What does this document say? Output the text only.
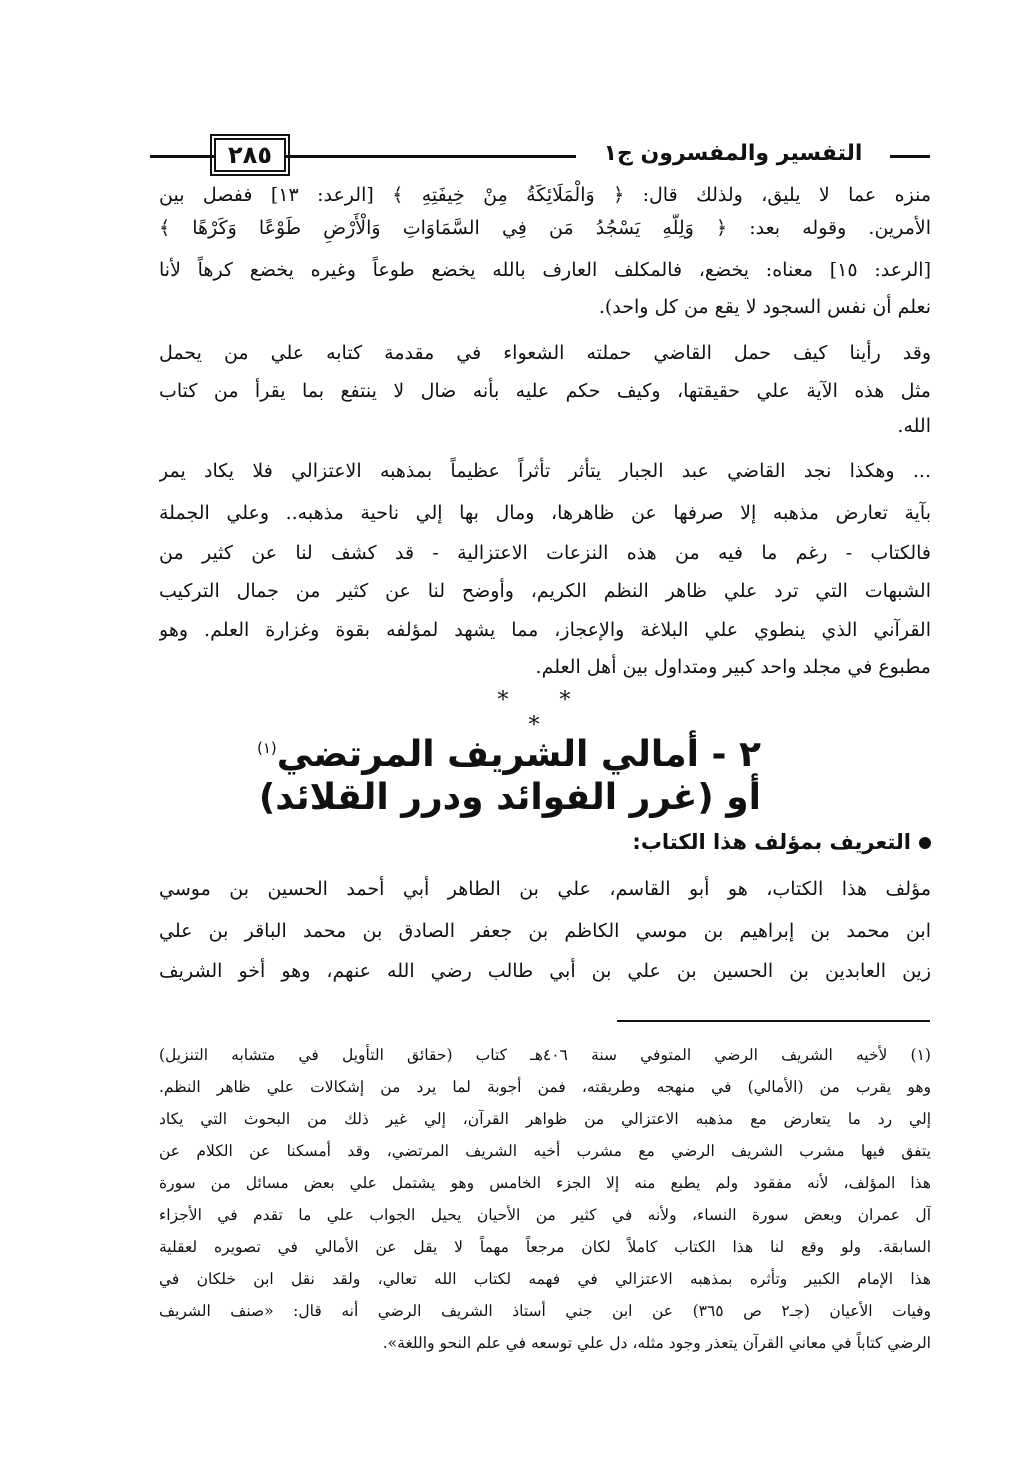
٢٨٥	التفسير والمفسرون ج١
منزه عما لا يليق، ولذلك قال: ﴿ وَالْمَلَائِكَةُ مِنْ خِيفَتِهِ ﴾ [الرعد: ١٣] ففصل بين
الأمرين. وقوله بعد: ﴿ وَلِلَّهِ يَسْجُدُ مَن فِي السَّمَاوَاتِ وَالْأَرْضِ طَوْعًا وَكَرْهًا ﴾
[الرعد: ١٥] معناه: يخضع، فالمكلف العارف بالله يخضع طوعاً وغيره يخضع كرهاً لأنا
نعلم أن نفس السجود لا يقع من كل واحد).
وقد رأينا كيف حمل القاضي حملته الشعواء في مقدمة كتابه علي من يحمل
مثل هذه الآية علي حقيقتها، وكيف حكم عليه بأنه ضال لا ينتفع بما يقرأ من كتاب
الله.
... وهكذا نجد القاضي عبد الجبار يتأثر تأثراً عظيماً بمذهبه الاعتزالي فلا يكاد يمر
بآية تعارض مذهبه إلا صرفها عن ظاهرها، ومال بها إلي ناحية مذهبه.. وعلي الجملة
فالكتاب - رغم ما فيه من هذه النزعات الاعتزالية - قد كشف لنا عن كثير من
الشبهات التي ترد علي ظاهر النظم الكريم، وأوضح لنا عن كثير من جمال التركيب
القرآني الذي ينطوي علي البلاغة والإعجاز، مما يشهد لمؤلفه بقوة وغزارة العلم. وهو
مطبوع في مجلد واحد كبير ومتداول بين أهل العلم.
* * *
٢ - أمالي الشريف المرتضي$^{(١)}$
أو (غرر الفوائد ودرر القلائد)
التعريف بمؤلف هذا الكتاب:
مؤلف هذا الكتاب، هو أبو القاسم، علي بن الطاهر أبي أحمد الحسين بن موسي
ابن محمد بن إبراهيم بن موسي الكاظم بن جعفر الصادق بن محمد الباقر بن علي
زين العابدين بن الحسين بن علي بن أبي طالب رضي الله عنهم، وهو أخو الشريف
(١) لأخيه الشريف الرضي المتوفي سنة ٤٠٦هـ كتاب (حقائق التأويل في متشابه التنزيل)
وهو يقرب من (الأمالي) في منهجه وطريقته، فمن أجوبة لما يرد من إشكالات علي ظاهر النظم.
إلي رد ما يتعارض مع مذهبه الاعتزالي من ظواهر القرآن، إلي غير ذلك من البحوث التي يكاد
يتفق فيها مشرب الشريف الرضي مع مشرب أخيه الشريف المرتضي، وقد أمسكنا عن الكلام عن
هذا المؤلف، لأنه مفقود ولم يطبع منه إلا الجزء الخامس وهو يشتمل علي بعض مسائل من سورة
آل عمران وبعض سورة النساء، ولأنه في كثير من الأحيان يحيل الجواب علي ما تقدم في الأجزاء
السابقة. ولو وقع لنا هذا الكتاب كاملاً لكان مرجعاً مهماً لا يقل عن الأمالي في تصويره لعقلية
هذا الإمام الكبير وتأثره بمذهبه الاعتزالي في فهمه لكتاب الله تعالي، ولقد نقل ابن خلكان في
وفيات الأعيان (جـ٢ ص ٣٦٥) عن ابن جني أستاذ الشريف الرضي أنه قال: «صنف الشريف
الرضي كتاباً في معاني القرآن يتعذر وجود مثله، دل علي توسعه في علم النحو واللغة».
